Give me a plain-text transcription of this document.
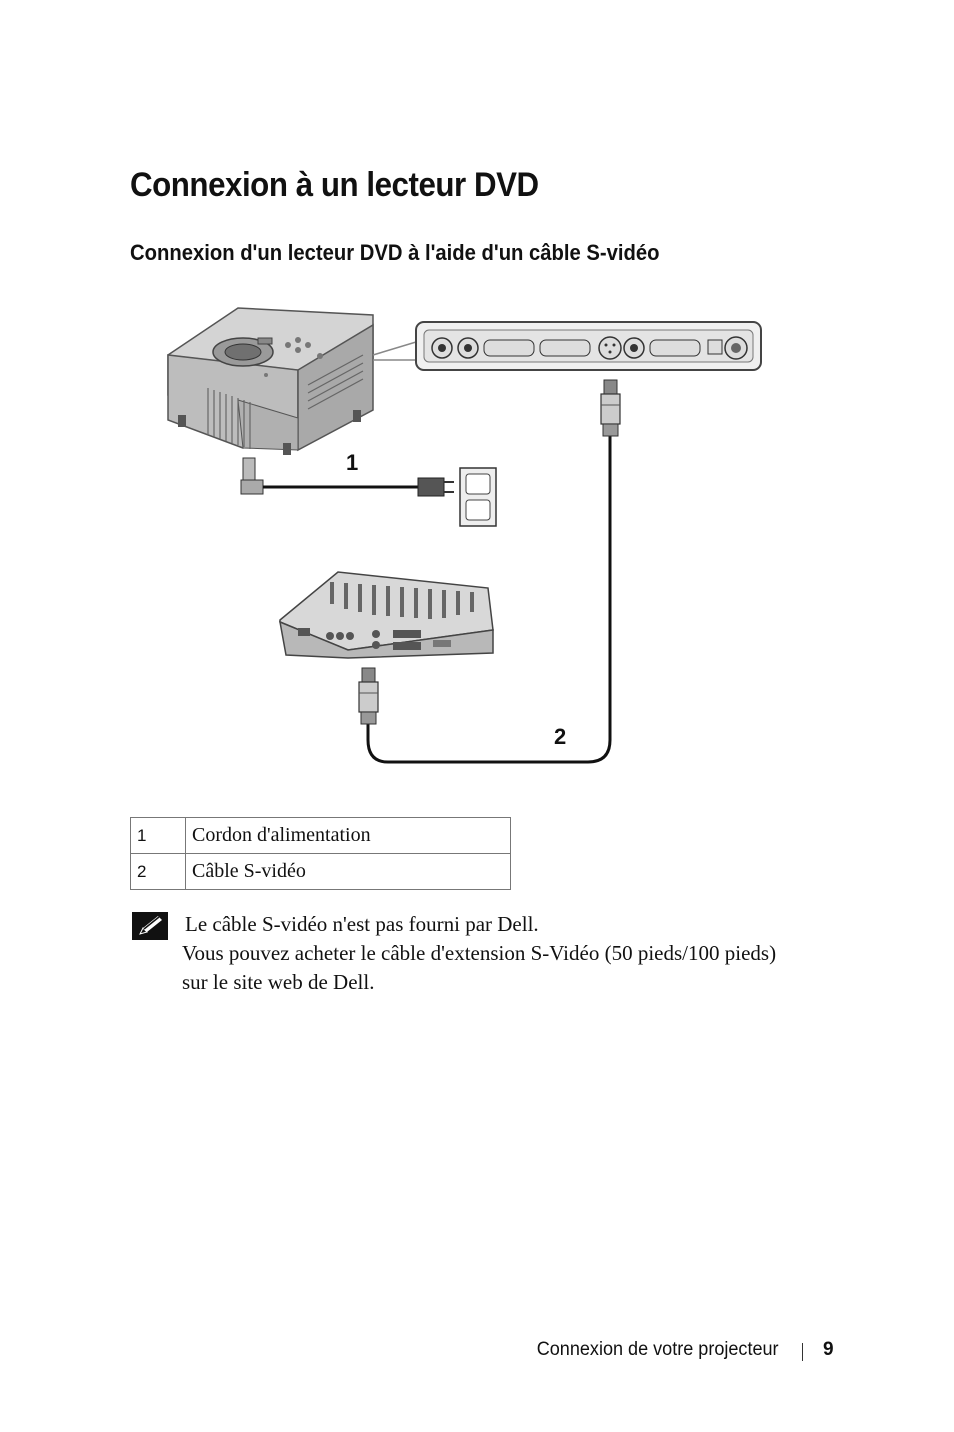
Connexion à un lecteur DVD
Connexion d'un lecteur DVD à l'aide d'un câble S-vidéo
1
2
1	Cordon d'alimentation
2	Câble S-vidéo
Le câble S-vidéo n'est pas fourni par Dell.
Vous pouvez acheter le câble d'extension S-Vidéo (50 pieds/100 pieds)
sur le site web de Dell.
Connexion de votre projecteur 9
